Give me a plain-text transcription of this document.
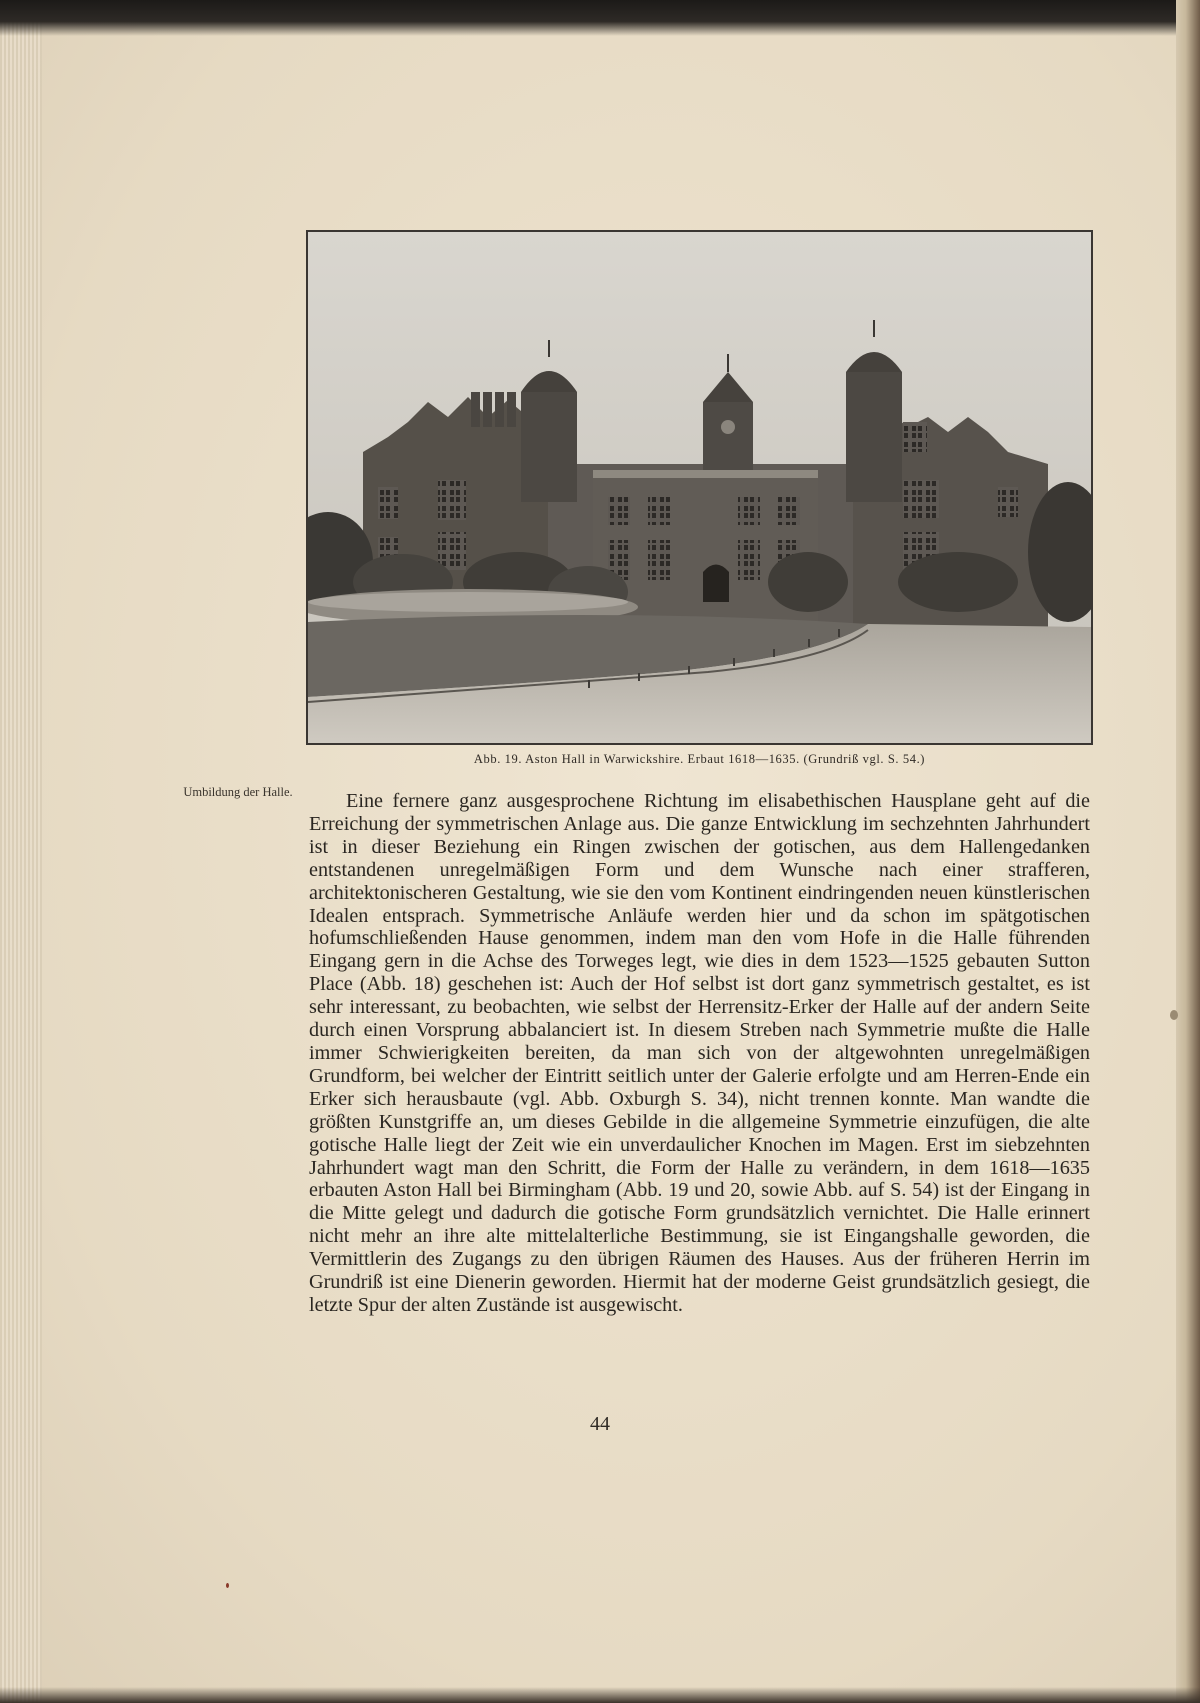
Abb. 19. Aston Hall in Warwickshire. Erbaut 1618—1635. (Grundriß vgl. S. 54.)
Umbildung der Halle.	Eine fernere ganz ausgesprochene Richtung im elisabethischen Hausplane geht auf die Erreichung der symmetrischen Anlage aus. Die ganze Entwicklung im sechzehnten Jahrhundert ist in dieser Beziehung ein Ringen zwischen der gotischen, aus dem Hallengedanken entstandenen unregelmäßigen Form und dem Wunsche nach einer strafferen, architektonischeren Gestaltung, wie sie den vom Kontinent eindringenden neuen künstlerischen Idealen entsprach. Symmetrische Anläufe werden hier und da schon im spätgotischen hofumschließenden Hause genommen, indem man den vom Hofe in die Halle führenden Eingang gern in die Achse des Torweges legt, wie dies in dem 1523—1525 gebauten Sutton Place (Abb. 18) geschehen ist: Auch der Hof selbst ist dort ganz symmetrisch gestaltet, es ist sehr interessant, zu beobachten, wie selbst der Herrensitz-Erker der Halle auf der andern Seite durch einen Vorsprung abbalanciert ist. In diesem Streben nach Symmetrie mußte die Halle immer Schwierigkeiten bereiten, da man sich von der altgewohnten unregelmäßigen Grundform, bei welcher der Eintritt seitlich unter der Galerie erfolgte und am Herren-Ende ein Erker sich herausbaute (vgl. Abb. Oxburgh S. 34), nicht trennen konnte. Man wandte die größten Kunstgriffe an, um dieses Gebilde in die allgemeine Symmetrie einzufügen, die alte gotische Halle liegt der Zeit wie ein unverdaulicher Knochen im Magen. Erst im siebzehnten Jahrhundert wagt man den Schritt, die Form der Halle zu verändern, in dem 1618—1635 erbauten Aston Hall bei Birmingham (Abb. 19 und 20, sowie Abb. auf S. 54) ist der Eingang in die Mitte gelegt und dadurch die gotische Form grundsätzlich vernichtet. Die Halle erinnert nicht mehr an ihre alte mittelalterliche Bestimmung, sie ist Eingangshalle geworden, die Vermittlerin des Zugangs zu den übrigen Räumen des Hauses. Aus der früheren Herrin im Grundriß ist eine Dienerin geworden. Hiermit hat der moderne Geist grundsätzlich gesiegt, die letzte Spur der alten Zustände ist ausgewischt.

44
